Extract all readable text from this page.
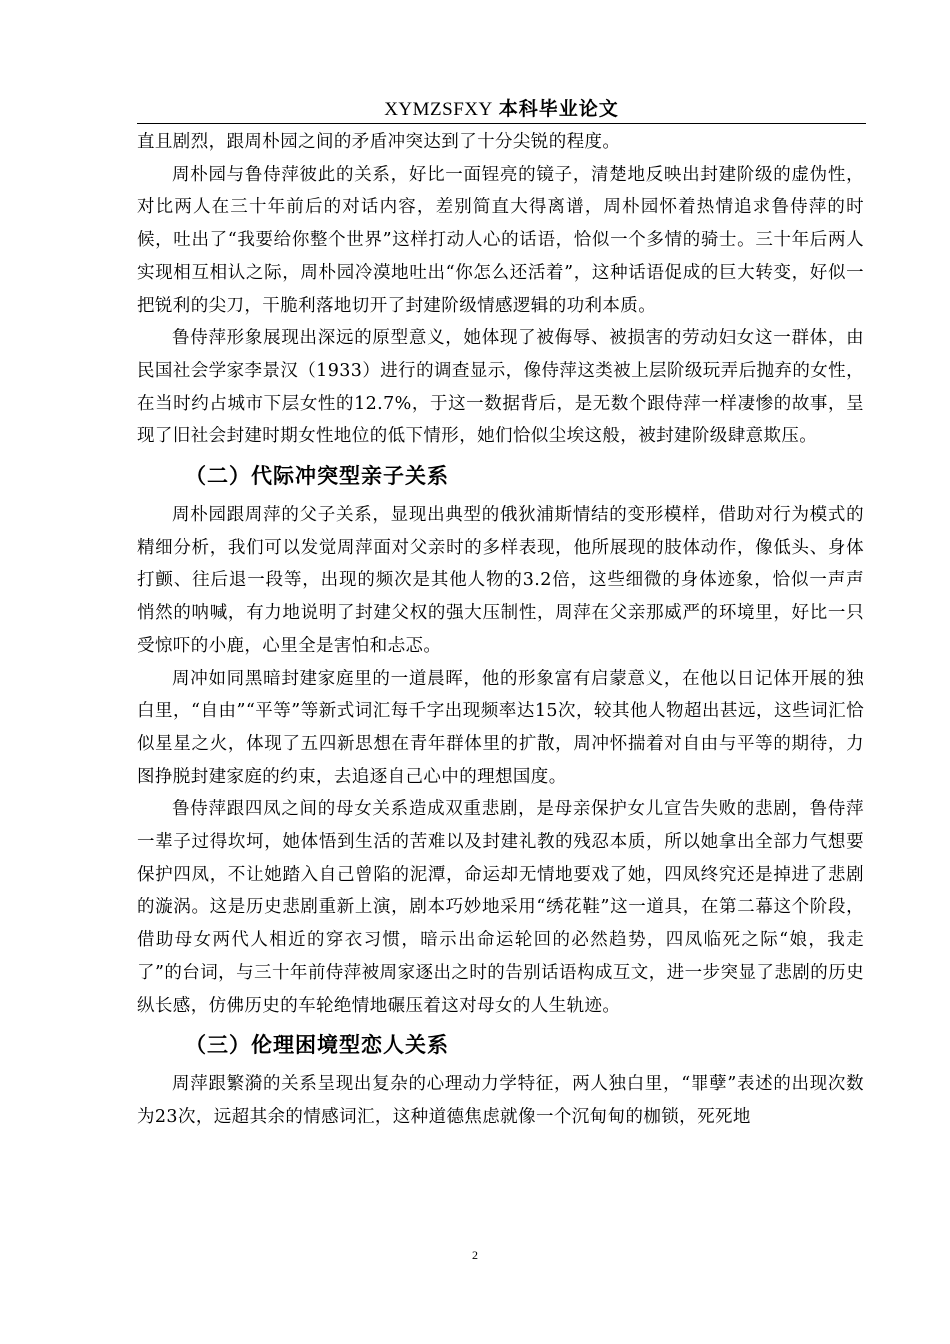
XYMZSFXY 本科毕业论文

直且剧烈，跟周朴园之间的矛盾冲突达到了十分尖锐的程度。

周朴园与鲁侍萍彼此的关系，好比一面锃亮的镜子，清楚地反映出封建阶级的虚伪性，对比两人在三十年前后的对话内容，差别简直大得离谱，周朴园怀着热情追求鲁侍萍的时候，吐出了“我要给你整个世界”这样打动人心的话语，恰似一个多情的骑士。三十年后两人实现相互相认之际，周朴园冷漠地吐出“你怎么还活着”，这种话语促成的巨大转变，好似一把锐利的尖刀，干脆利落地切开了封建阶级情感逻辑的功利本质。

鲁侍萍形象展现出深远的原型意义，她体现了被侮辱、被损害的劳动妇女这一群体，由民国社会学家李景汉（1933）进行的调查显示，像侍萍这类被上层阶级玩弄后抛弃的女性，在当时约占城市下层女性的12.7%，于这一数据背后，是无数个跟侍萍一样凄惨的故事，呈现了旧社会封建时期女性地位的低下情形，她们恰似尘埃这般，被封建阶级肆意欺压。

（二）代际冲突型亲子关系

周朴园跟周萍的父子关系，显现出典型的俄狄浦斯情结的变形模样，借助对行为模式的精细分析，我们可以发觉周萍面对父亲时的多样表现，他所展现的肢体动作，像低头、身体打颤、往后退一段等，出现的频次是其他人物的3.2倍，这些细微的身体迹象，恰似一声声悄然的呐喊，有力地说明了封建父权的强大压制性，周萍在父亲那威严的环境里，好比一只受惊吓的小鹿，心里全是害怕和忐忑。

周冲如同黑暗封建家庭里的一道晨晖，他的形象富有启蒙意义，在他以日记体开展的独白里，“自由”“平等”等新式词汇每千字出现频率达15次，较其他人物超出甚远，这些词汇恰似星星之火，体现了五四新思想在青年群体里的扩散，周冲怀揣着对自由与平等的期待，力图挣脱封建家庭的约束，去追逐自己心中的理想国度。

鲁侍萍跟四凤之间的母女关系造成双重悲剧，是母亲保护女儿宣告失败的悲剧，鲁侍萍一辈子过得坎坷，她体悟到生活的苦难以及封建礼教的残忍本质，所以她拿出全部力气想要保护四凤，不让她踏入自己曾陷的泥潭，命运却无情地要戏了她，四凤终究还是掉进了悲剧的漩涡。这是历史悲剧重新上演，剧本巧妙地采用“绣花鞋”这一道具，在第二幕这个阶段，借助母女两代人相近的穿衣习惯，暗示出命运轮回的必然趋势，四凤临死之际“娘，我走了”的台词，与三十年前侍萍被周家逐出之时的告别话语构成互文，进一步突显了悲剧的历史纵长感，仿佛历史的车轮绝情地碾压着这对母女的人生轨迹。

（三）伦理困境型恋人关系

周萍跟繁漪的关系呈现出复杂的心理动力学特征，两人独白里，“罪孽”表述的出现次数为23次，远超其余的情感词汇，这种道德焦虑就像一个沉甸甸的枷锁，死死地

2
